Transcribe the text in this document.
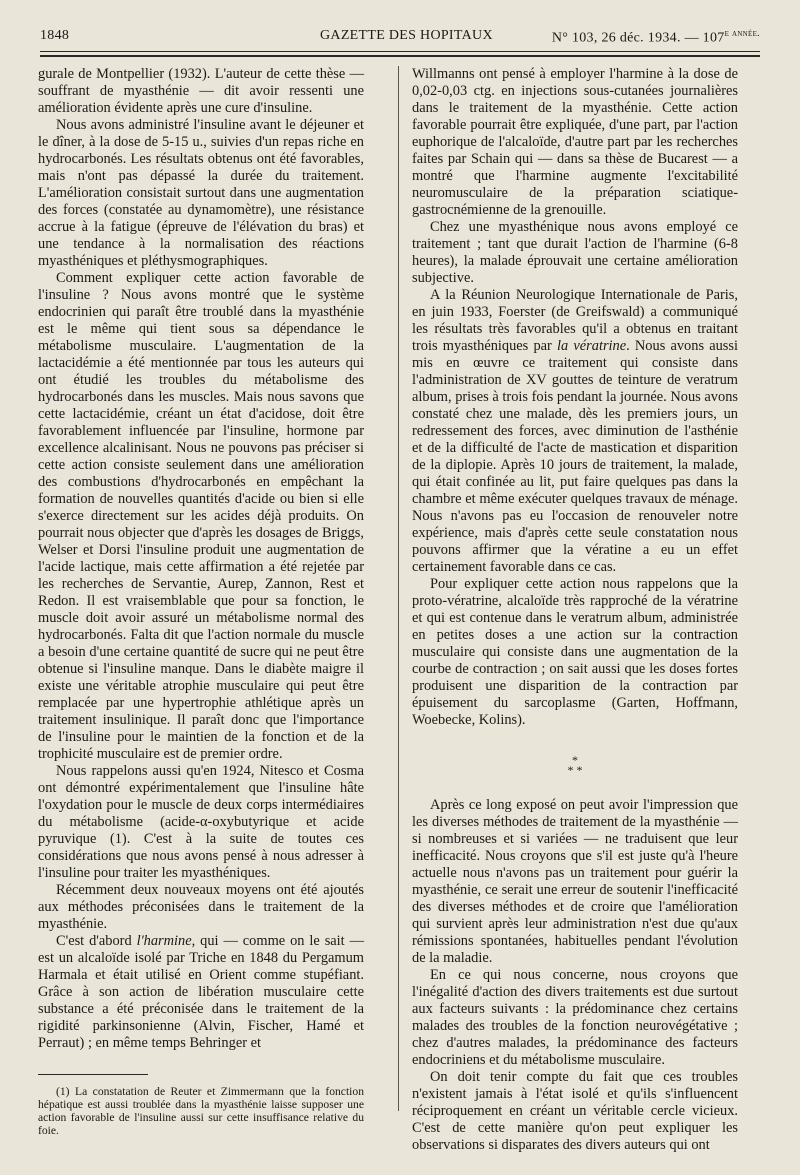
1848	GAZETTE DES HOPITAUX	N° 103, 26 déc. 1934. — $107^{e année.}$

gurale de Montpellier (1932). L'auteur de cette thèse — souffrant de myasthénie — dit avoir ressenti une amélioration évidente après une cure d'insuline.

Nous avons administré l'insuline avant le déjeuner et le dîner, à la dose de 5-15 u., suivies d'un repas riche en hydrocarbonés. Les résultats obtenus ont été favorables, mais n'ont pas dépassé la durée du traitement. L'amélioration consistait surtout dans une augmentation des forces (constatée au dynamomètre), une résistance accrue à la fatigue (épreuve de l'élévation du bras) et une tendance à la normalisation des réactions myasthéniques et pléthysmographiques.

Comment expliquer cette action favorable de l'insuline ? Nous avons montré que le système endocrinien qui paraît être troublé dans la myasthénie est le même qui tient sous sa dépendance le métabolisme musculaire. L'augmentation de la lactacidémie a été mentionnée par tous les auteurs qui ont étudié les troubles du métabolisme des hydrocarbonés dans les muscles. Mais nous savons que cette lactacidémie, créant un état d'acidose, doit être favorablement influencée par l'insuline, hormone par excellence alcalinisant. Nous ne pouvons pas préciser si cette action consiste seulement dans une amélioration des combustions d'hydrocarbonés en empêchant la formation de nouvelles quantités d'acide ou bien si elle s'exerce directement sur les acides déjà produits. On pourrait nous objecter que d'après les dosages de Briggs, Welser et Dorsi l'insuline produit une augmentation de l'acide lactique, mais cette affirmation a été rejetée par les recherches de Servantie, Aurep, Zannon, Rest et Redon. Il est vraisemblable que pour sa fonction, le muscle doit avoir assuré un métabolisme normal des hydrocarbonés. Falta dit que l'action normale du muscle a besoin d'une certaine quantité de sucre qui ne peut être obtenue si l'insuline manque. Dans le diabète maigre il existe une véritable atrophie musculaire qui peut être remplacée par une hypertrophie athlétique après un traitement insulinique. Il paraît donc que l'importance de l'insuline pour le maintien de la fonction et de la trophicité musculaire est de premier ordre.

Nous rappelons aussi qu'en 1924, Nitesco et Cosma ont démontré expérimentalement que l'insuline hâte l'oxydation pour le muscle de deux corps intermédiaires du métabolisme (acide-α-oxybutyrique et acide pyruvique (1). C'est à la suite de toutes ces considérations que nous avons pensé à nous adresser à l'insuline pour traiter les myasthéniques.

Récemment deux nouveaux moyens ont été ajoutés aux méthodes préconisées dans le traitement de la myasthénie.

C'est d'abord l'harmine, qui — comme on le sait — est un alcaloïde isolé par Triche en 1848 du Pergamum Harmala et était utilisé en Orient comme stupéfiant. Grâce à son action de libération musculaire cette substance a été préconisée dans le traitement de la rigidité parkinsonienne (Alvin, Fischer, Hamé et Perraut) ; en même temps Behringer et

(1) La constatation de Reuter et Zimmermann que la fonction hépatique est aussi troublée dans la myasthénie laisse supposer une action favorable de l'insuline aussi sur cette insuffisance relative du foie.

Willmanns ont pensé à employer l'harmine à la dose de 0,02-0,03 ctg. en injections sous-cutanées journalières dans le traitement de la myasthénie. Cette action favorable pourrait être expliquée, d'une part, par l'action euphorique de l'alcaloïde, d'autre part par les recherches faites par Schain qui — dans sa thèse de Bucarest — a montré que l'harmine augmente l'excitabilité neuromusculaire de la préparation sciatique-gastrocnémienne de la grenouille.

Chez une myasthénique nous avons employé ce traitement ; tant que durait l'action de l'harmine (6-8 heures), la malade éprouvait une certaine amélioration subjective.

A la Réunion Neurologique Internationale de Paris, en juin 1933, Foerster (de Greifswald) a communiqué les résultats très favorables qu'il a obtenus en traitant trois myasthéniques par la vératrine. Nous avons aussi mis en œuvre ce traitement qui consiste dans l'administration de XV gouttes de teinture de veratrum album, prises à trois fois pendant la journée. Nous avons constaté chez une malade, dès les premiers jours, un redressement des forces, avec diminution de l'asthénie et de la difficulté de l'acte de mastication et disparition de la diplopie. Après 10 jours de traitement, la malade, qui était confinée au lit, put faire quelques pas dans la chambre et même exécuter quelques travaux de ménage. Nous n'avons pas eu l'occasion de renouveler notre expérience, mais d'après cette seule constatation nous pouvons affirmer que la vératine a eu un effet certainement favorable dans ce cas.

Pour expliquer cette action nous rappelons que la proto-vératrine, alcaloïde très rapproché de la vératrine et qui est contenue dans le veratrum album, administrée en petites doses a une action sur la contraction musculaire qui consiste dans une augmentation de la courbe de contraction ; on sait aussi que les doses fortes produisent une disparition de la contraction par épuisement du sarcoplasme (Garten, Hoffmann, Woebecke, Kolins).

*
* *

Après ce long exposé on peut avoir l'impression que les diverses méthodes de traitement de la myasthénie — si nombreuses et si variées — ne traduisent que leur inefficacité. Nous croyons que s'il est juste qu'à l'heure actuelle nous n'avons pas un traitement pour guérir la myasthénie, ce serait une erreur de soutenir l'inefficacité des diverses méthodes et de croire que l'amélioration qui survient après leur administration n'est due qu'aux rémissions spontanées, habituelles pendant l'évolution de la maladie.

En ce qui nous concerne, nous croyons que l'inégalité d'action des divers traitements est due surtout aux facteurs suivants : la prédominance chez certains malades des troubles de la fonction neurovégétative ; chez d'autres malades, la prédominance des facteurs endocriniens et du métabolisme musculaire.

On doit tenir compte du fait que ces troubles n'existent jamais à l'état isolé et qu'ils s'influencent réciproquement en créant un véritable cercle vicieux. C'est de cette manière qu'on peut expliquer les observations si disparates des divers auteurs qui ont
